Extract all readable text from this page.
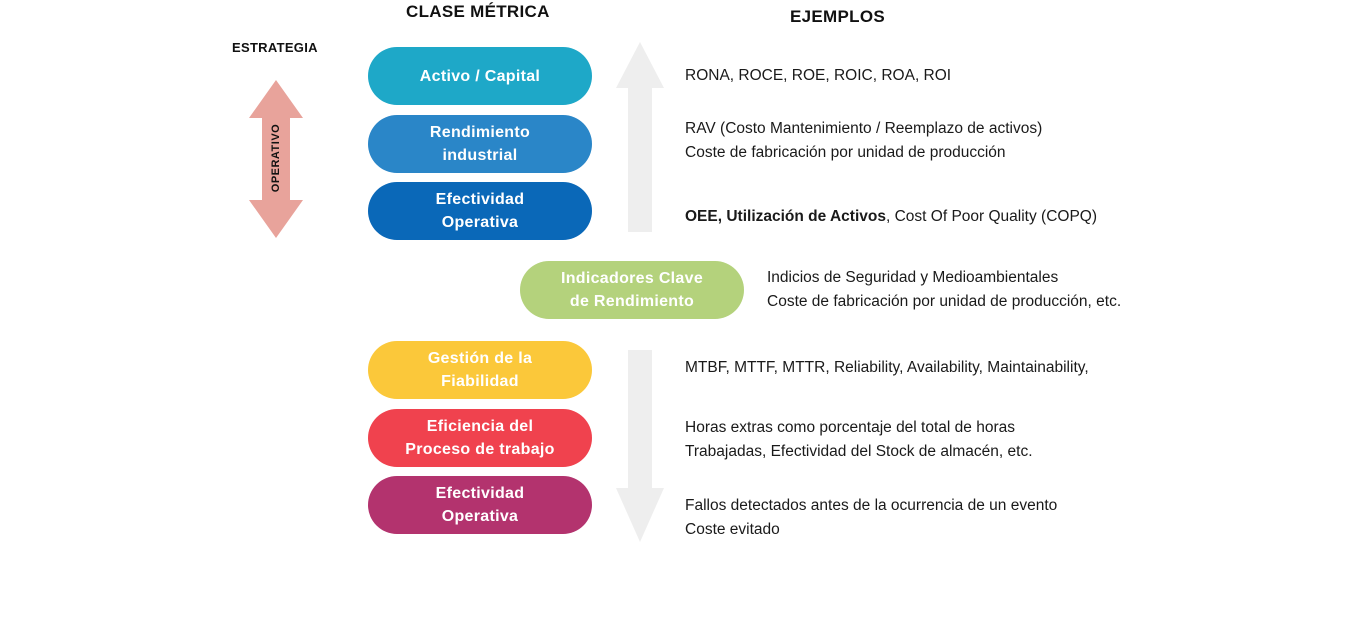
CLASE MÉTRICA	EJEMPLOS
ESTRATEGIA
OPERATIVO
Activo / Capital
Rendimiento
industrial
Efectividad
Operativa
Indicadores Clave
de Rendimiento
Gestión de la
Fiabilidad
Eficiencia del
Proceso de trabajo
Efectividad
Operativa
RONA, ROCE, ROE, ROIC, ROA, ROI
RAV (Costo Mantenimiento / Reemplazo de activos)
Coste de fabricación por unidad de producción
OEE, Utilización de Activos, Cost Of Poor Quality (COPQ)
Indicios de Seguridad y Medioambientales
Coste de fabricación por unidad de producción, etc.
MTBF, MTTF, MTTR, Reliability, Availability, Maintainability,
Horas extras como porcentaje del total de horas
Trabajadas, Efectividad del Stock de almacén, etc.
Fallos detectados antes de la ocurrencia de un evento
Coste evitado
